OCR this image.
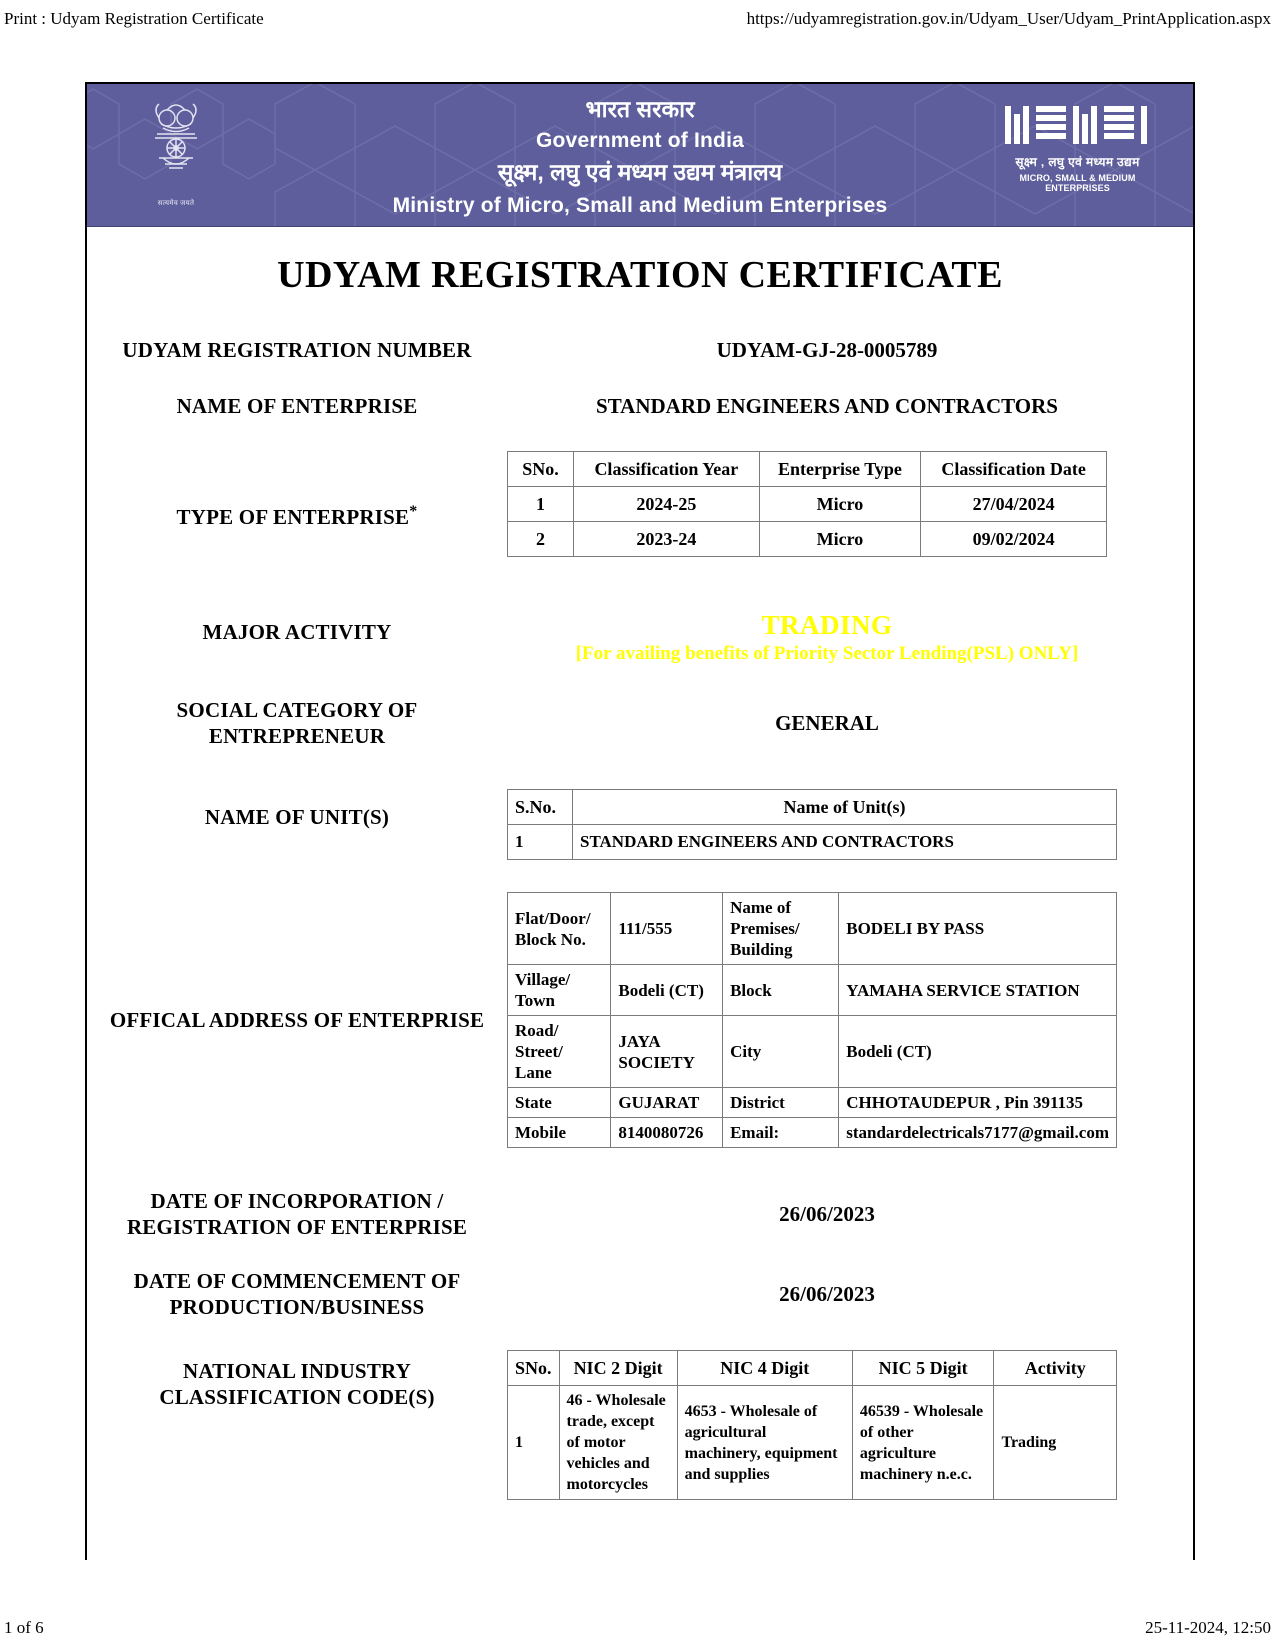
Print : Udyam Registration Certificate	https://udyamregistration.gov.in/Udyam_User/Udyam_PrintApplication.aspx
सत्यमेव जयते
भारत सरकार
Government of India
सूक्ष्म, लघु एवं मध्यम उद्यम मंत्रालय
Ministry of Micro, Small and Medium Enterprises
सूक्ष्म , लघु एवं मध्यम उद्यम
MICRO, SMALL & MEDIUM ENTERPRISES
UDYAM REGISTRATION CERTIFICATE
UDYAM REGISTRATION NUMBER	UDYAM-GJ-28-0005789
NAME OF ENTERPRISE	STANDARD ENGINEERS AND CONTRACTORS
TYPE OF ENTERPRISE*
SNo.	Classification Year	Enterprise Type	Classification Date
1	2024-25	Micro	27/04/2024
2	2023-24	Micro	09/02/2024
MAJOR ACTIVITY	TRADING
[For availing benefits of Priority Sector Lending(PSL) ONLY]
SOCIAL CATEGORY OF
ENTREPRENEUR
GENERAL
NAME OF UNIT(S)	S.No.	Name of Unit(s)
1	STANDARD ENGINEERS AND CONTRACTORS
OFFICAL ADDRESS OF ENTERPRISE
Flat/Door/ Block No.	111/555	Name of Premises/ Building	BODELI BY PASS
Village/ Town	Bodeli (CT)	Block	YAMAHA SERVICE STATION
Road/ Street/ Lane	JAYA SOCIETY	City	Bodeli (CT)
State	GUJARAT	District	CHHOTAUDEPUR , Pin 391135
Mobile	8140080726	Email:	standardelectricals7177@gmail.com
DATE OF INCORPORATION /
REGISTRATION OF ENTERPRISE
26/06/2023
DATE OF COMMENCEMENT OF
PRODUCTION/BUSINESS
26/06/2023
NATIONAL INDUSTRY
CLASSIFICATION CODE(S)
SNo.	NIC 2 Digit	NIC 4 Digit	NIC 5 Digit	Activity
1	46 - Wholesale trade, except of motor vehicles and motorcycles	4653 - Wholesale of agricultural machinery, equipment and supplies	46539 - Wholesale of other agriculture machinery n.e.c.	Trading
1 of 6	25-11-2024, 12:50
